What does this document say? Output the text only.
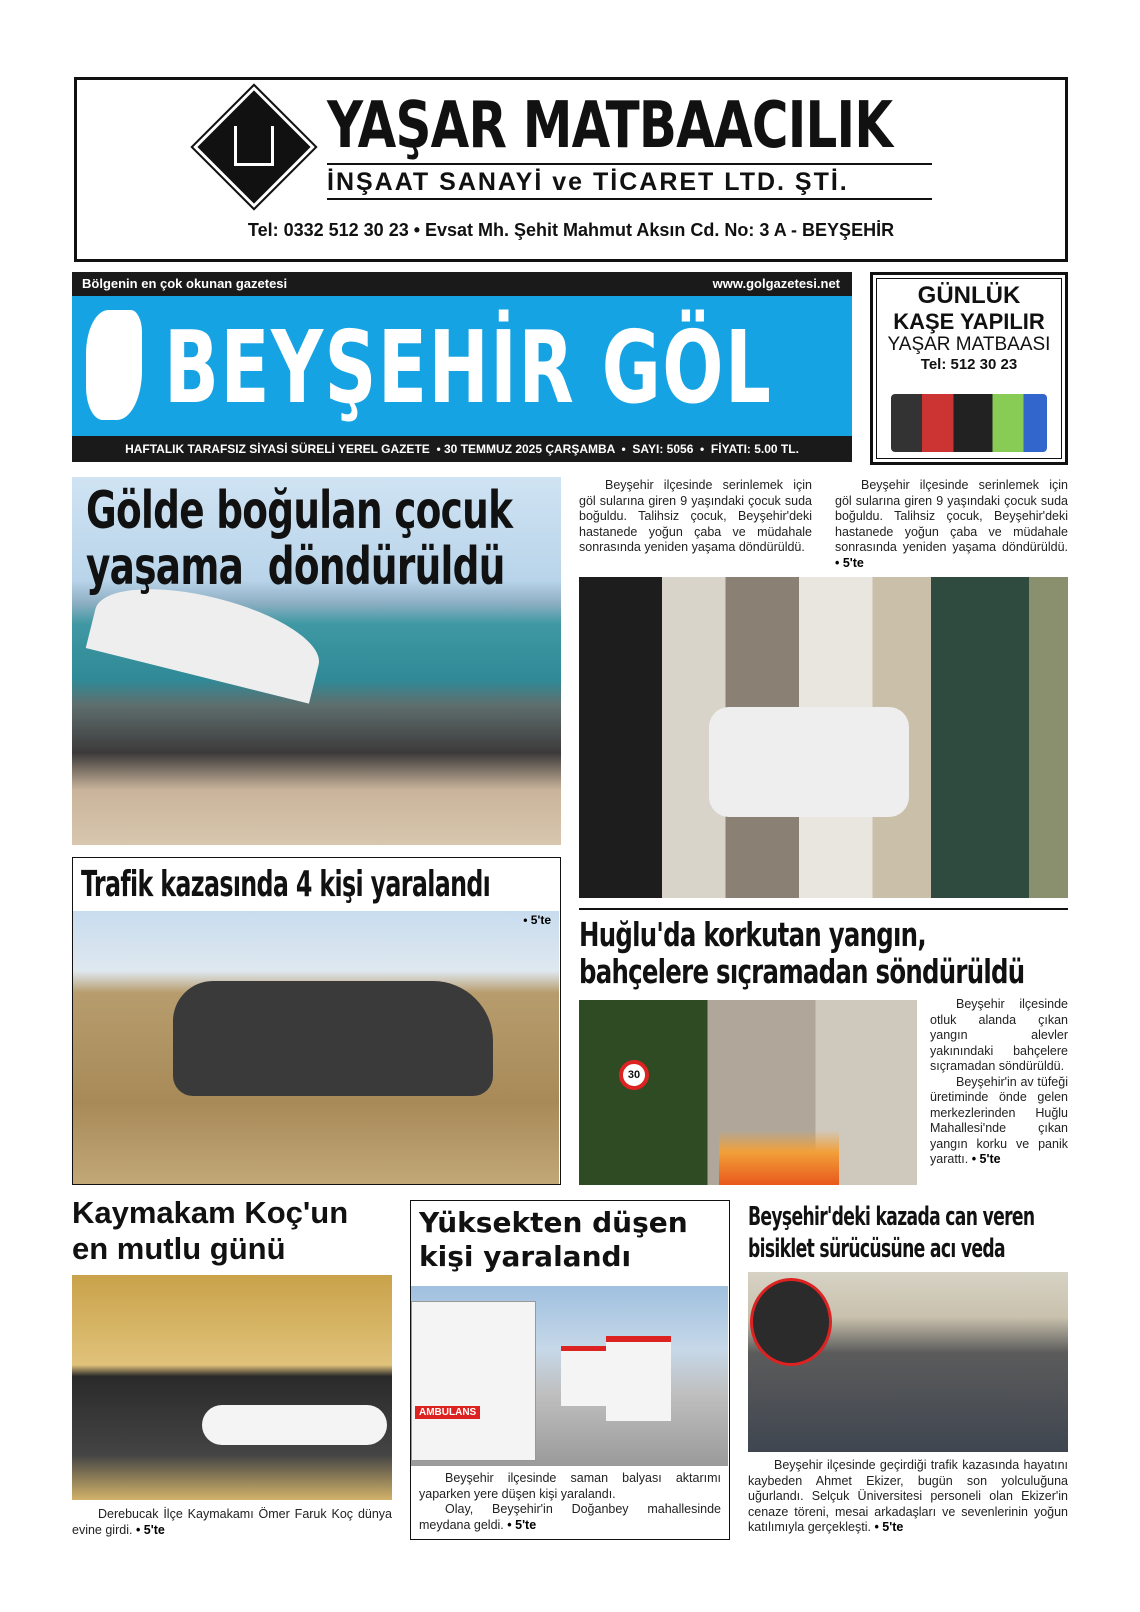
YAŞAR MATBAACILIK
İNŞAAT SANAYİ ve TİCARET LTD. ŞTİ.
Tel: 0332 512 30 23 • Evsat Mh. Şehit Mahmut Aksın Cd. No: 3 A - BEYŞEHİR
Bölgenin en çok okunan gazetesi	www.golgazetesi.net
BEYŞEHİR GÖL
HAFTALIK TARAFSIZ SİYASİ SÜRELİ YEREL GAZETE  • 30 TEMMUZ 2025 ÇARŞAMBA  •  SAYI: 5056  •  FİYATI: 5.00 TL.
GÜNLÜK
KAŞE YAPILIR
YAŞAR MATBAASI
Tel: 512 30 23
Gölde boğulan çocuk
yaşama  döndürüldü

Beyşehir ilçesinde serinlemek için göl sularına giren 9 yaşındaki çocuk suda boğuldu. Talihsiz çocuk, Beyşehir'deki hastanede yoğun çaba ve müdahale sonrasında yeniden yaşama döndürüldü.

Beyşehir ilçesinde serinlemek için göl sularına giren 9 yaşındaki çocuk suda boğuldu. Talihsiz çocuk, Beyşehir'deki hastanede yoğun çaba ve müdahale sonrasında yeniden yaşama döndürüldü. • 5'te

Trafik kazasında 4 kişi yaralandı
• 5'te Huğlu'da korkutan yangın,
bahçelere sıçramadan söndürüldü
30

Beyşehir ilçesinde otluk alanda çıkan yangın alevler yakınındaki bahçelere sıçramadan söndürüldü.

Beyşehir'in av tüfeği üretiminde önde gelen merkezlerinden Huğlu Mahallesi'nde çıkan yangın korku ve panik yarattı. • 5'te

Kaymakam Koç'un
en mutlu günü

Derebucak İlçe Kaymakamı Ömer Faruk Koç dünya evine girdi. • 5'te

Yüksekten düşen
kişi yaralandı
AMBULANS

Beyşehir ilçesinde saman balyası aktarımı yaparken yere düşen kişi yaralandı.

Olay, Beyşehir'in Doğanbey mahallesinde meydana geldi. • 5'te

Beyşehir'deki kazada can veren
bisiklet sürücüsüne acı veda

Beyşehir ilçesinde geçirdiği trafik kazasında hayatını kaybeden Ahmet Ekizer, bugün son yolculuğuna uğurlandı. Selçuk Üniversitesi personeli olan Ekizer'in cenaze töreni, mesai arkadaşları ve sevenlerinin yoğun katılımıyla gerçekleşti. • 5'te
